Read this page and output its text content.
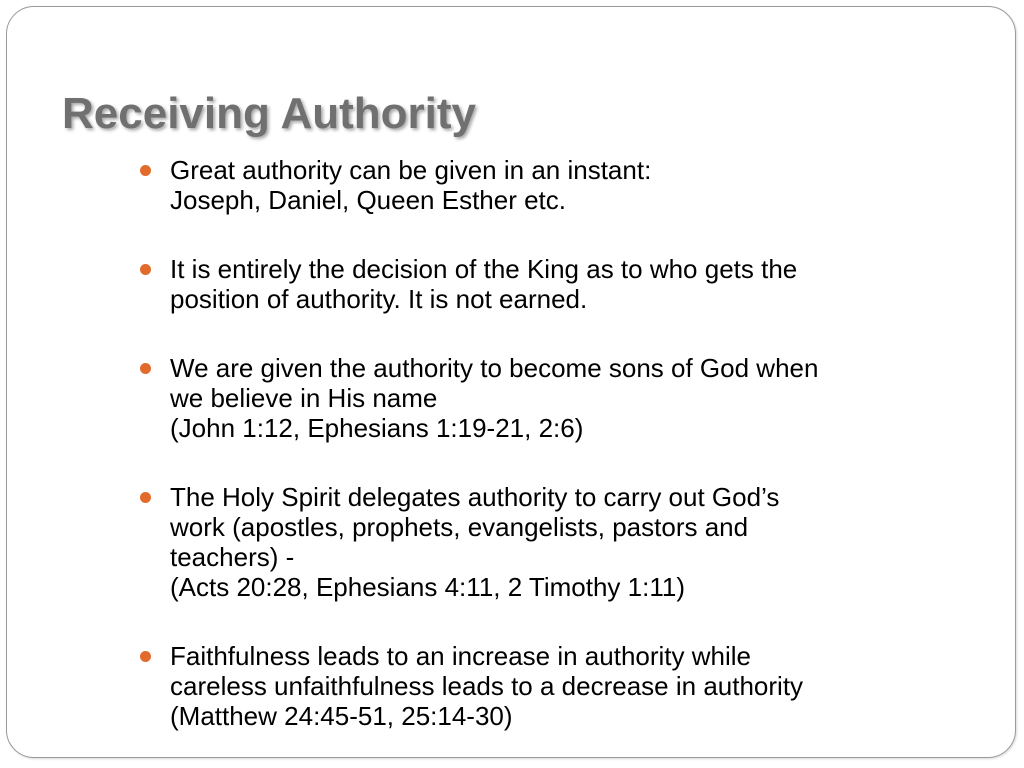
Receiving Authority
Great authority can be given in an instant:
Joseph, Daniel, Queen Esther etc.
It is entirely the decision of the King as to who gets the
position of authority. It is not earned.
We are given the authority to become sons of God when
we believe in His name
(John 1:12, Ephesians 1:19-21, 2:6)
The Holy Spirit delegates authority to carry out God’s
work (apostles, prophets, evangelists, pastors and
teachers) -
(Acts 20:28, Ephesians 4:11, 2 Timothy 1:11)
Faithfulness leads to an increase in authority while
careless unfaithfulness leads to a decrease in authority
(Matthew 24:45-51, 25:14-30)
